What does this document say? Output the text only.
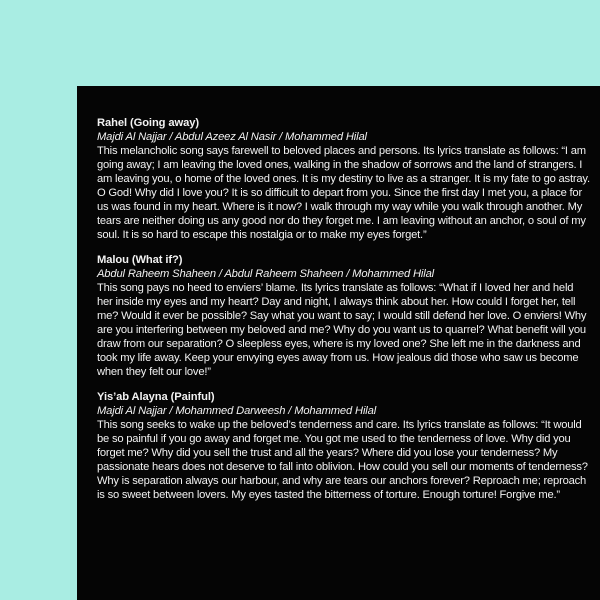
Rahel (Going away)
Majdi Al Najjar / Abdul Azeez Al Nasir / Mohammed Hilal

This melancholic song says farewell to beloved places and persons. Its lyrics translate as follows: “I am going away; I am leaving the loved ones, walking in the shadow of sorrows and the land of strangers. I am leaving you, o home of the loved ones. It is my destiny to live as a stranger. It is my fate to go astray. O God! Why did I love you? It is so difficult to depart from you. Since the first day I met you, a place for us was found in my heart. Where is it now? I walk through my way while you walk through another. My tears are neither doing us any good nor do they forget me. I am leaving without an anchor, o soul of my soul. It is so hard to escape this nostalgia or to make my eyes forget.”

Malou (What if?)
Abdul Raheem Shaheen / Abdul Raheem Shaheen / Mohammed Hilal

This song pays no heed to enviers’ blame. Its lyrics translate as follows: “What if I loved her and held her inside my eyes and my heart? Day and night, I always think about her. How could I forget her, tell me? Would it ever be possible? Say what you want to say; I would still defend her love. O enviers! Why are you interfering between my beloved and me? Why do you want us to quarrel? What benefit will you draw from our separation? O sleepless eyes, where is my loved one? She left me in the darkness and took my life away. Keep your envying eyes away from us. How jealous did those who saw us become when they felt our love!”

Yis’ab Alayna (Painful)
Majdi Al Najjar / Mohammed Darweesh / Mohammed Hilal

This song seeks to wake up the beloved’s tenderness and care. Its lyrics translate as follows: “It would be so painful if you go away and forget me. You got me used to the tenderness of love. Why did you forget me? Why did you sell the trust and all the years? Where did you lose your tenderness? My passionate hears does not deserve to fall into oblivion. How could you sell our moments of tenderness? Why is separation always our harbour, and why are tears our anchors forever? Reproach me; reproach is so sweet between lovers. My eyes tasted the bitterness of torture. Enough torture! Forgive me.”
